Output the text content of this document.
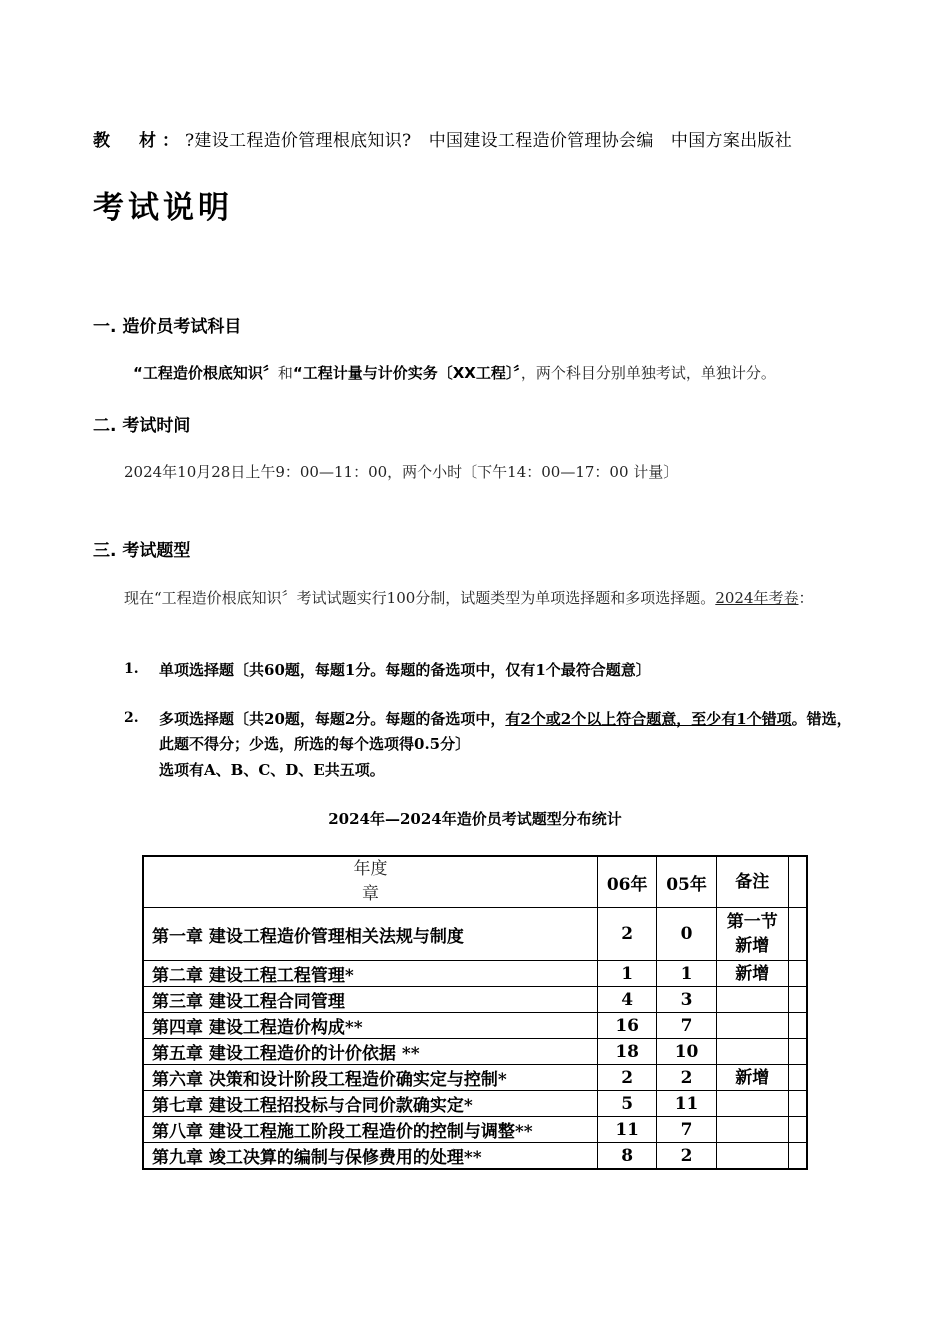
教　材：?建设工程造价管理根底知识?　中国建设工程造价管理协会编　中国方案出版社
考试说明
一. 造价员考试科目
“工程造价根底知识〞和“工程计量与计价实务〔XX工程〕〞，两个科目分别单独考试，单独计分。
二. 考试时间
2024年10月28日上午9：00—11：00，两个小时〔下午14：00—17：00 计量〕
三. 考试题型
现在“工程造价根底知识〞考试试题实行100分制，试题类型为单项选择题和多项选择题。2024年考卷：
1. 单项选择题〔共60题，每题1分。每题的备选项中，仅有1个最符合题意〕
2. 多项选择题〔共20题，每题2分。每题的备选项中，有2个或2个以上符合题意，至少有1个错项。错选，此题不得分；少选，所选的每个选项得0.5分〕
选项有A、B、C、D、E共五项。
2024年—2024年造价员考试题型分布统计
年度
章	06年	05年	备注	
第一章 建设工程造价管理相关法规与制度	2	0	第一节新增	

第二章 建设工程工程管理*	1	1	新增	
第三章 建设工程合同管理	4	3		
第四章 建设工程造价构成**	16	7		
第五章 建设工程造价的计价依据 **	18	10		
第六章 决策和设计阶段工程造价确实定与控制*	2	2	新增	
第七章 建设工程招投标与合同价款确实定*	5	11		
第八章 建设工程施工阶段工程造价的控制与调整**	11	7		
第九章 竣工决算的编制与保修费用的处理**	8	2		
